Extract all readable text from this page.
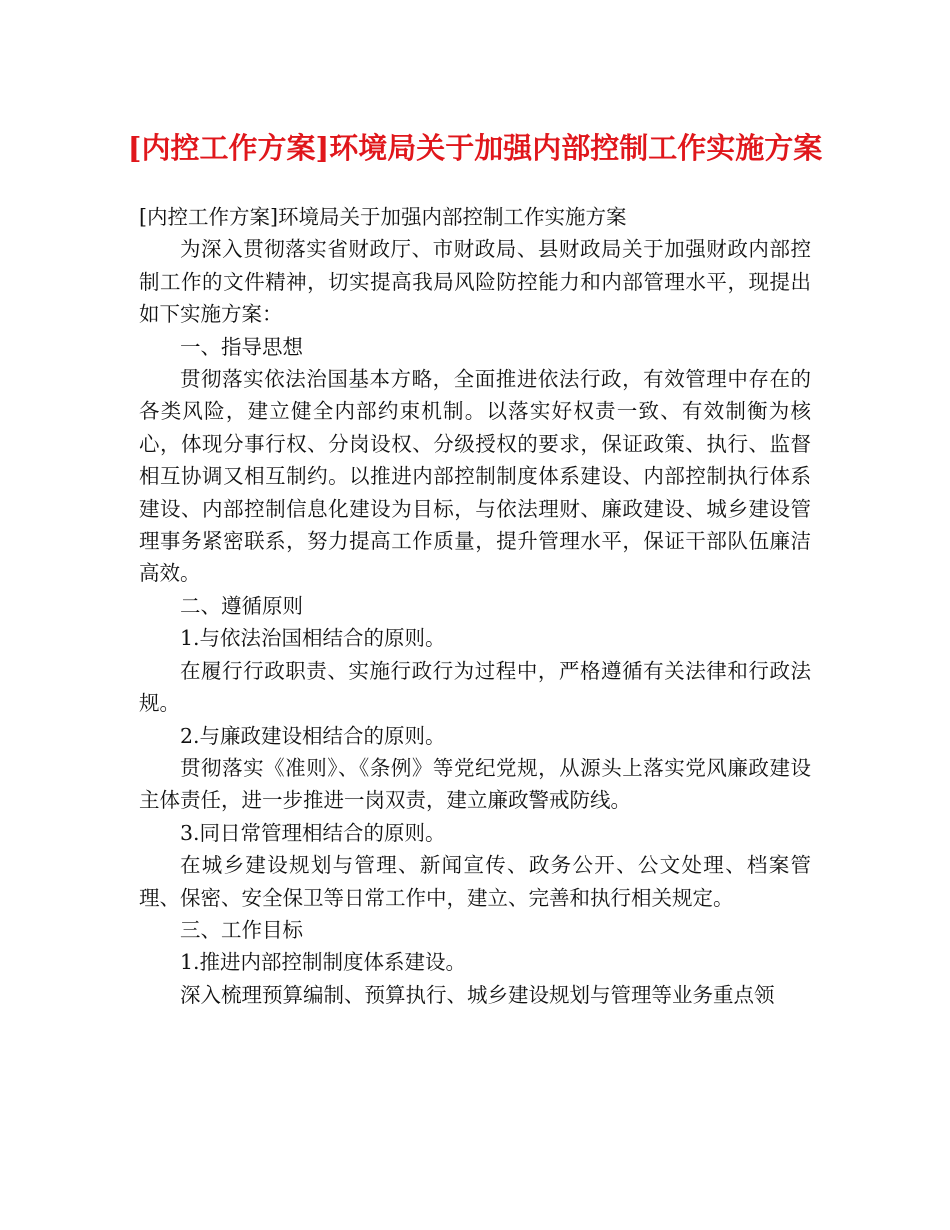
[内控工作方案]环境局关于加强内部控制工作实施方案

[内控工作方案]环境局关于加强内部控制工作实施方案

为深入贯彻落实省财政厅、市财政局、县财政局关于加强财政内部控制工作的文件精神，切实提高我局风险防控能力和内部管理水平，现提出如下实施方案：

一、指导思想

贯彻落实依法治国基本方略，全面推进依法行政，有效管理中存在的各类风险，建立健全内部约束机制。以落实好权责一致、有效制衡为核心，体现分事行权、分岗设权、分级授权的要求，保证政策、执行、监督相互协调又相互制约。以推进内部控制制度体系建设、内部控制执行体系建设、内部控制信息化建设为目标，与依法理财、廉政建设、城乡建设管理事务紧密联系，努力提高工作质量，提升管理水平，保证干部队伍廉洁高效。

二、遵循原则

1.与依法治国相结合的原则。

在履行行政职责、实施行政行为过程中，严格遵循有关法律和行政法规。

2.与廉政建设相结合的原则。

贯彻落实《准则》、《条例》等党纪党规，从源头上落实党风廉政建设主体责任，进一步推进一岗双责，建立廉政警戒防线。

3.同日常管理相结合的原则。

在城乡建设规划与管理、新闻宣传、政务公开、公文处理、档案管理、保密、安全保卫等日常工作中，建立、完善和执行相关规定。

三、工作目标

1.推进内部控制制度体系建设。

深入梳理预算编制、预算执行、城乡建设规划与管理等业务重点领
